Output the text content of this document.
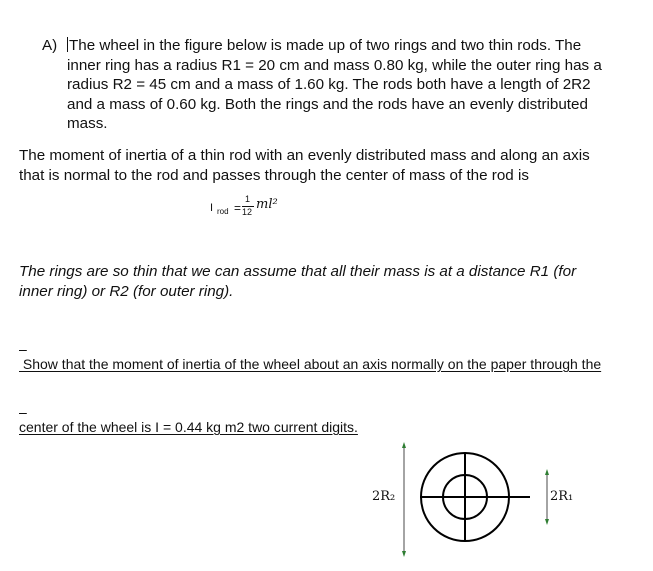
A) The wheel in the figure below is made up of two rings and two thin rods. The
inner ring has a radius R1 = 20 cm and mass 0.80 kg, while the outer ring has a
radius R2 = 45 cm and a mass of 1.60 kg. The rods both have a length of 2R2
and a mass of 0.60 kg. Both the rings and the rods have an evenly distributed
mass.
The moment of inertia of a thin rod with an evenly distributed mass and along an axis
that is normal to the rod and passes through the center of mass of the rod is
I rod =
1
12 ml²
The rings are so thin that we can assume that all their mass is at a distance R1 (for
inner ring) or R2 (for outer ring).

Show that the moment of inertia of the wheel about an axis normally on the paper through the

center of the wheel is I = 0.44 kg m2 two current digits.

2R₂	2R₁
